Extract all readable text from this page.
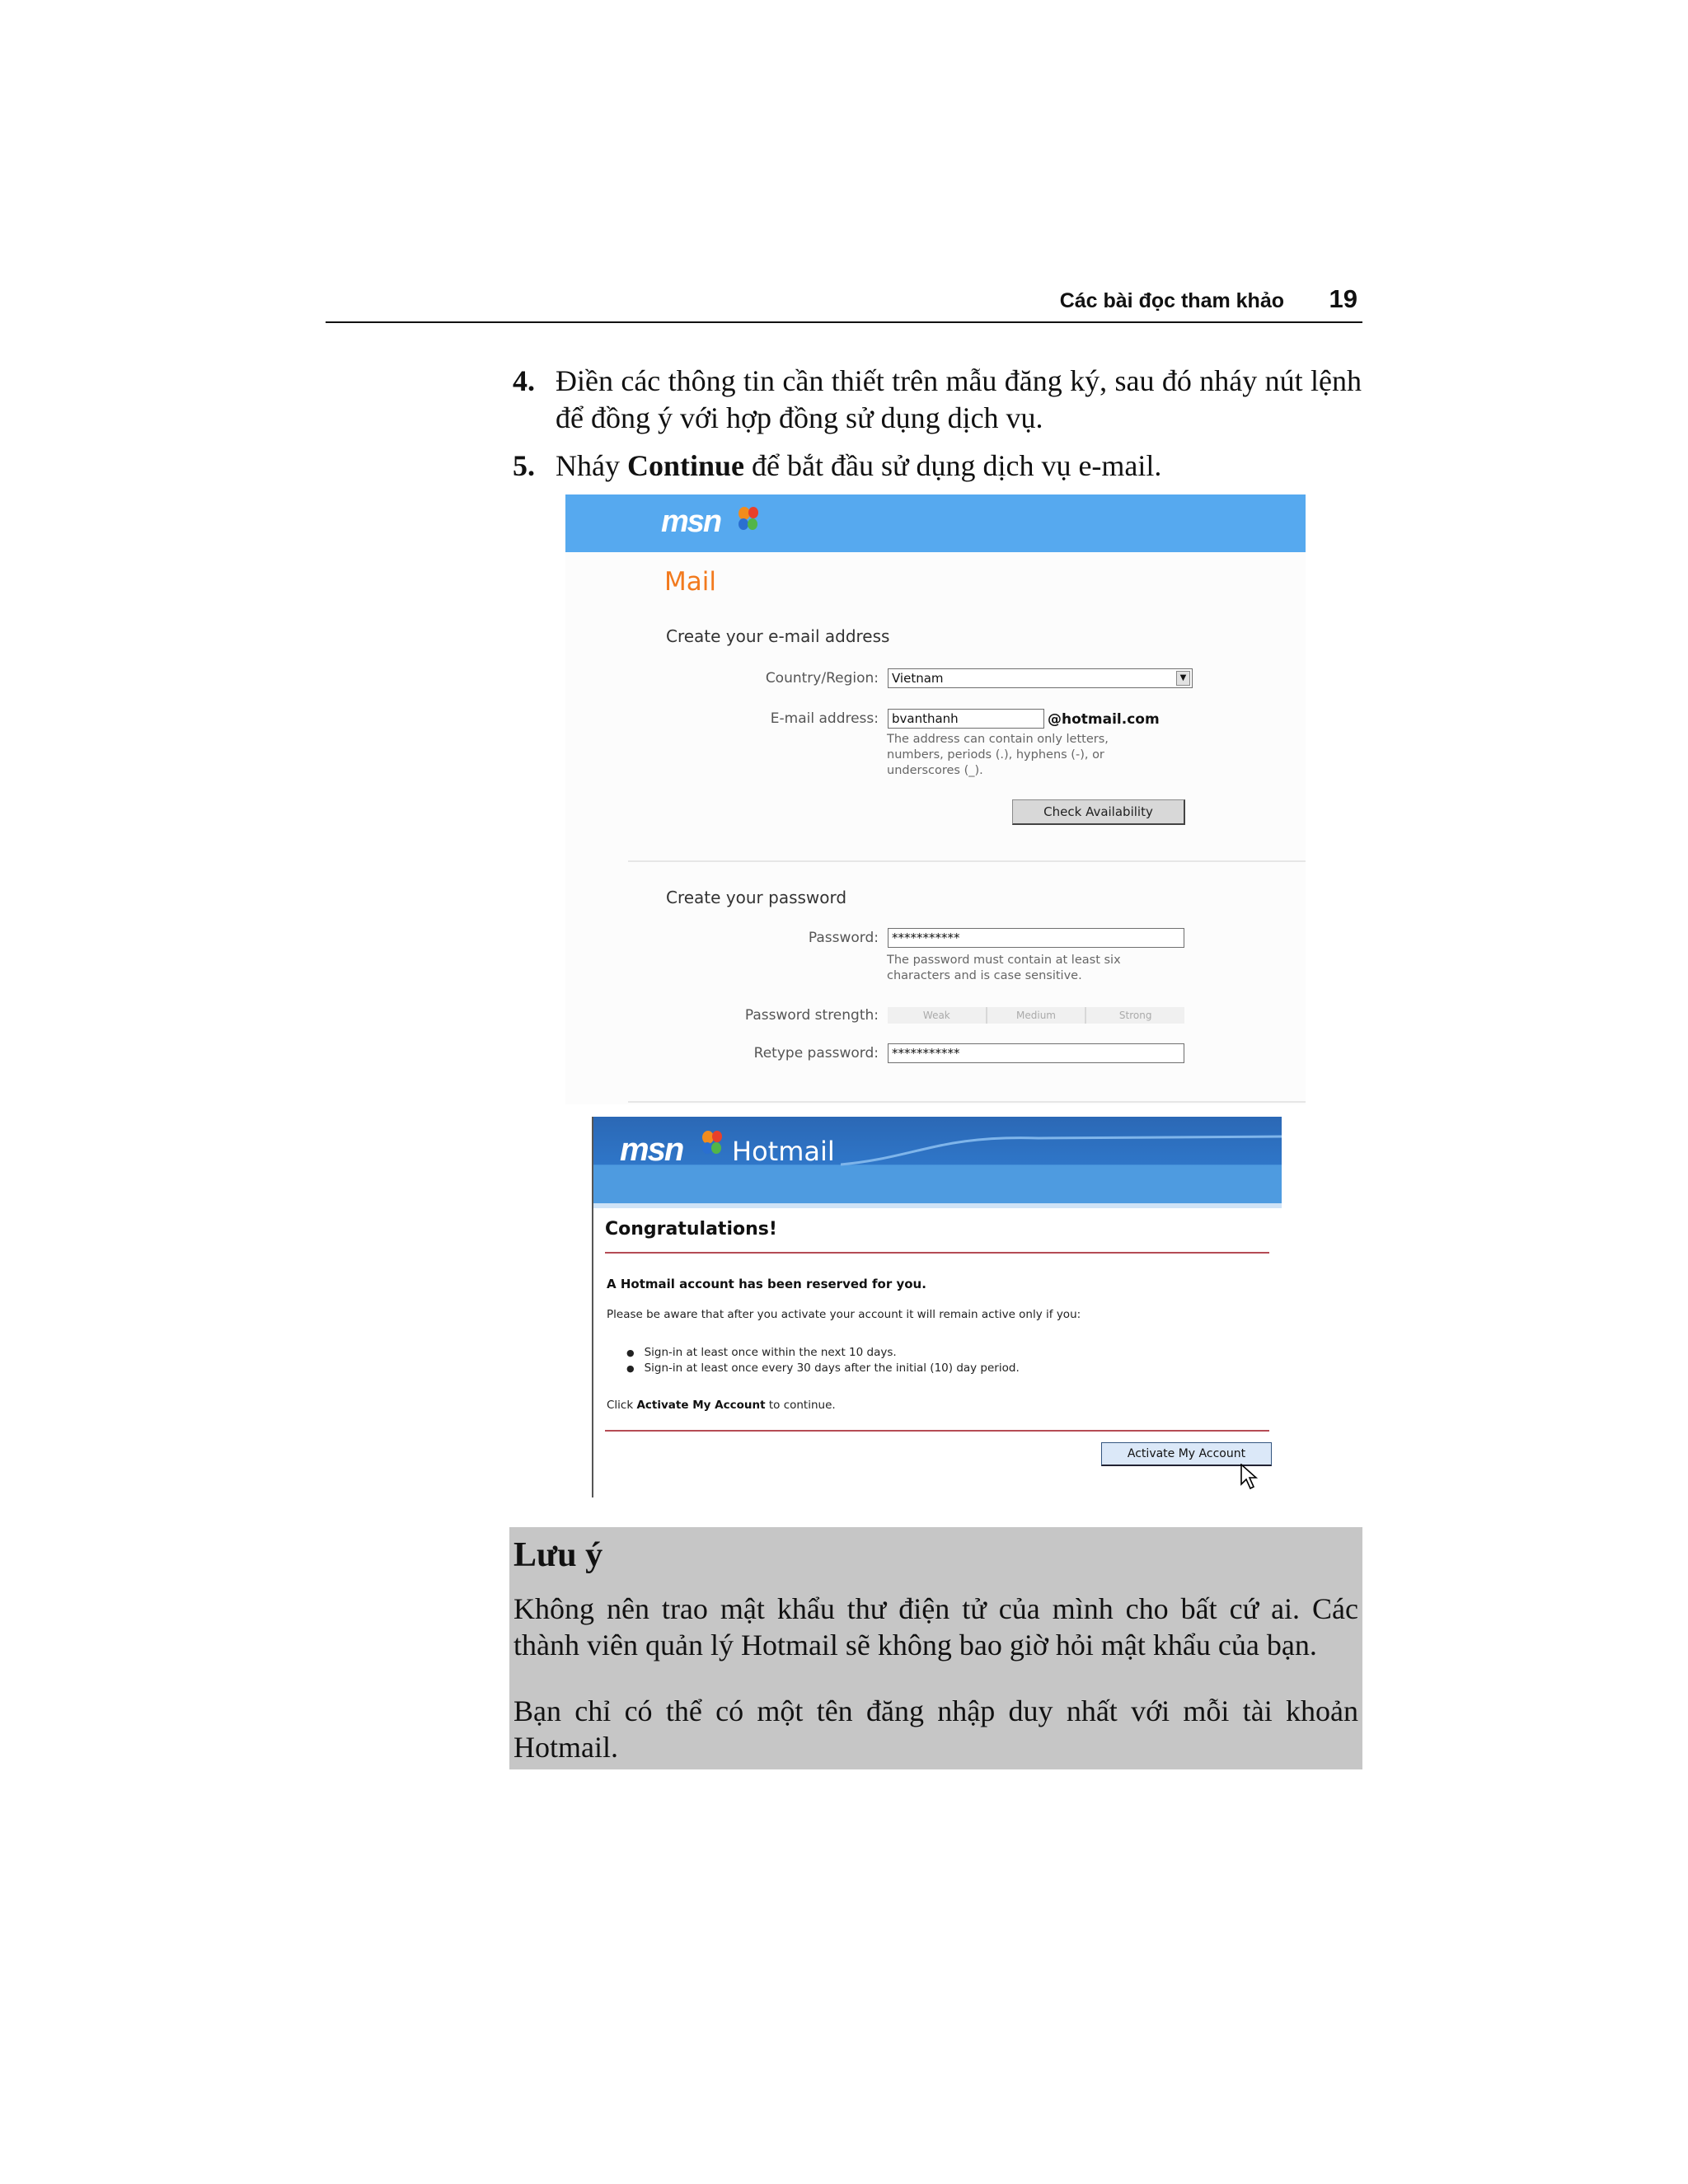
Các bài đọc tham khảo 19
4. Điền các thông tin cần thiết trên mẫu đăng ký, sau đó nháy nút lệnh để đồng ý với hợp đồng sử dụng dịch vụ.
5. Nháy Continue để bắt đầu sử dụng dịch vụ e-mail.
msn
Mail
Create your e-mail address
Country/Region:	Vietnam	▼
E-mail address:	bvanthanh	@hotmail.com
The address can contain only letters, numbers, periods (.), hyphens (-), or underscores (_).
Check Availability
Create your password
Password:	***********
The password must contain at least six characters and is case sensitive.
Password strength:	Weak	Medium	Strong
Retype password:	***********
msn Hotmail
Congratulations!
A Hotmail account has been reserved for you.
Please be aware that after you activate your account it will remain active only if you:
● Sign-in at least once within the next 10 days.
● Sign-in at least once every 30 days after the initial (10) day period.
Click Activate My Account to continue.
Activate My Account
Lưu ý
Không nên trao mật khẩu thư điện tử của mình cho bất cứ ai. Các thành viên quản lý Hotmail sẽ không bao giờ hỏi mật khẩu của bạn.
Bạn chỉ có thể có một tên đăng nhập duy nhất với mỗi tài khoản Hotmail.
